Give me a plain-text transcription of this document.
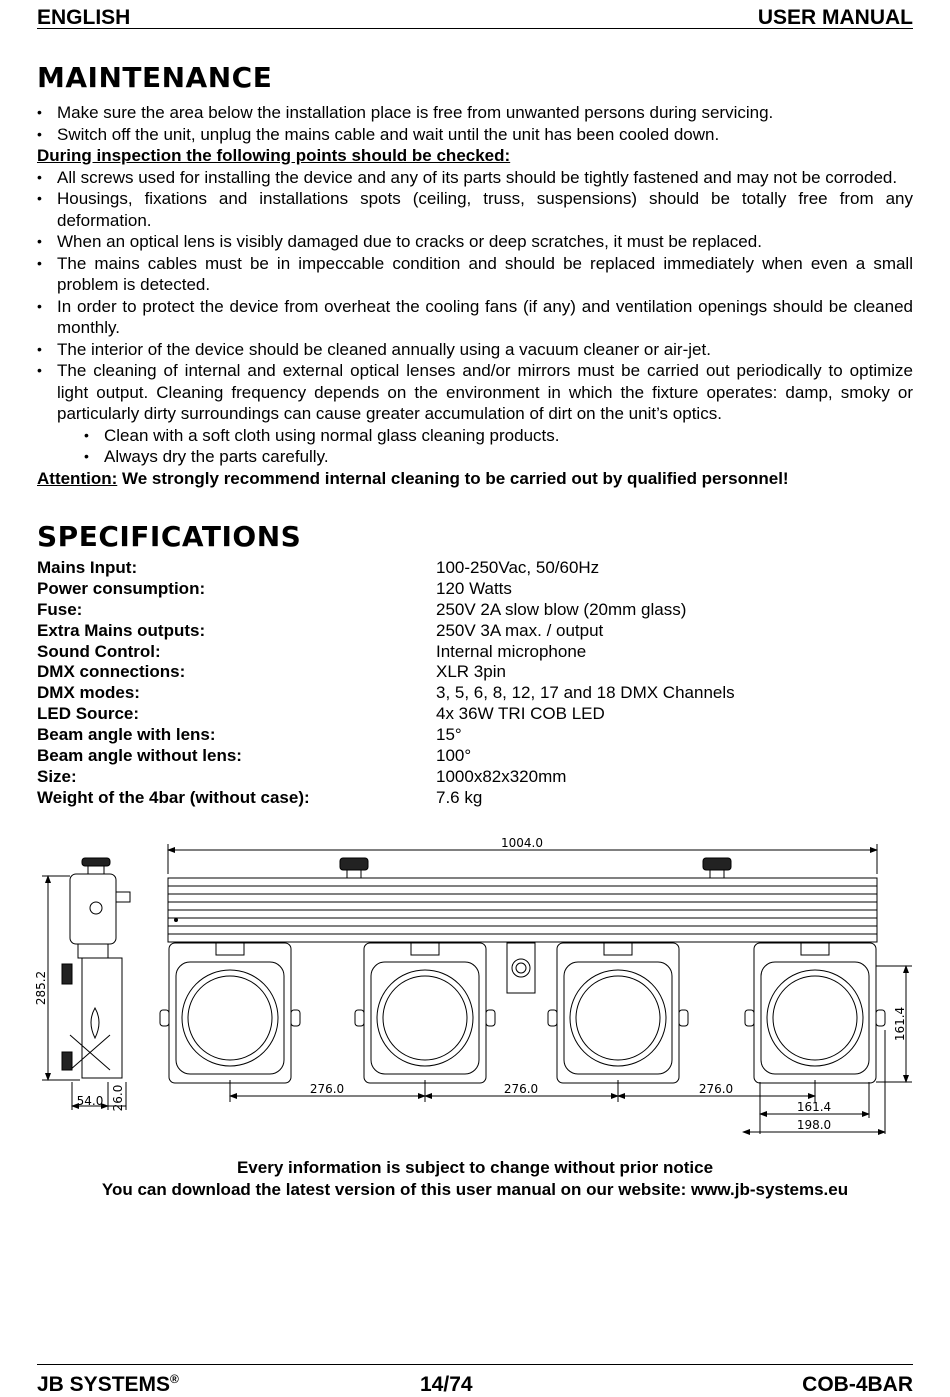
ENGLISH	USER MANUAL
MAINTENANCE
• Make sure the area below the installation place is free from unwanted persons during servicing.
• Switch off the unit, unplug the mains cable and wait until the unit has been cooled down.
During inspection the following points should be checked:
• All screws used for installing the device and any of its parts should be tightly fastened and may not be corroded.
• Housings, fixations and installations spots (ceiling, truss, suspensions) should be totally free from any deformation.
• When an optical lens is visibly damaged due to cracks or deep scratches, it must be replaced.
• The mains cables must be in impeccable condition and should be replaced immediately when even a small problem is detected.
• In order to protect the device from overheat the cooling fans (if any) and ventilation openings should be cleaned monthly.
• The interior of the device should be cleaned annually using a vacuum cleaner or air-jet.
• The cleaning of internal and external optical lenses and/or mirrors must be carried out periodically to optimize light output. Cleaning frequency depends on the environment in which the fixture operates: damp, smoky or particularly dirty surroundings can cause greater accumulation of dirt on the unit’s optics.
• Clean with a soft cloth using normal glass cleaning products.
• Always dry the parts carefully.
Attention: We strongly recommend internal cleaning to be carried out by qualified personnel!
SPECIFICATIONS
Mains Input:	100-250Vac, 50/60Hz
Power consumption:	120 Watts
Fuse:	250V 2A slow blow (20mm glass)
Extra Mains outputs:	250V 3A max. / output
Sound Control:	Internal microphone
DMX connections:	XLR 3pin
DMX modes:	3, 5, 6, 8, 12, 17 and 18 DMX Channels
LED Source:	4x 36W TRI COB LED
Beam angle with lens:	15°
Beam angle without lens:	100°
Size:	1000x82x320mm
Weight of the 4bar (without case):	7.6 kg
1004.0
285.2
54.0 26.0	276.0	276.0	276.0
161.4
161.4
198.0
Every information is subject to change without prior notice
You can download the latest version of this user manual on our website: www.jb-systems.eu
JB SYSTEMS®	14/74	COB-4BAR
